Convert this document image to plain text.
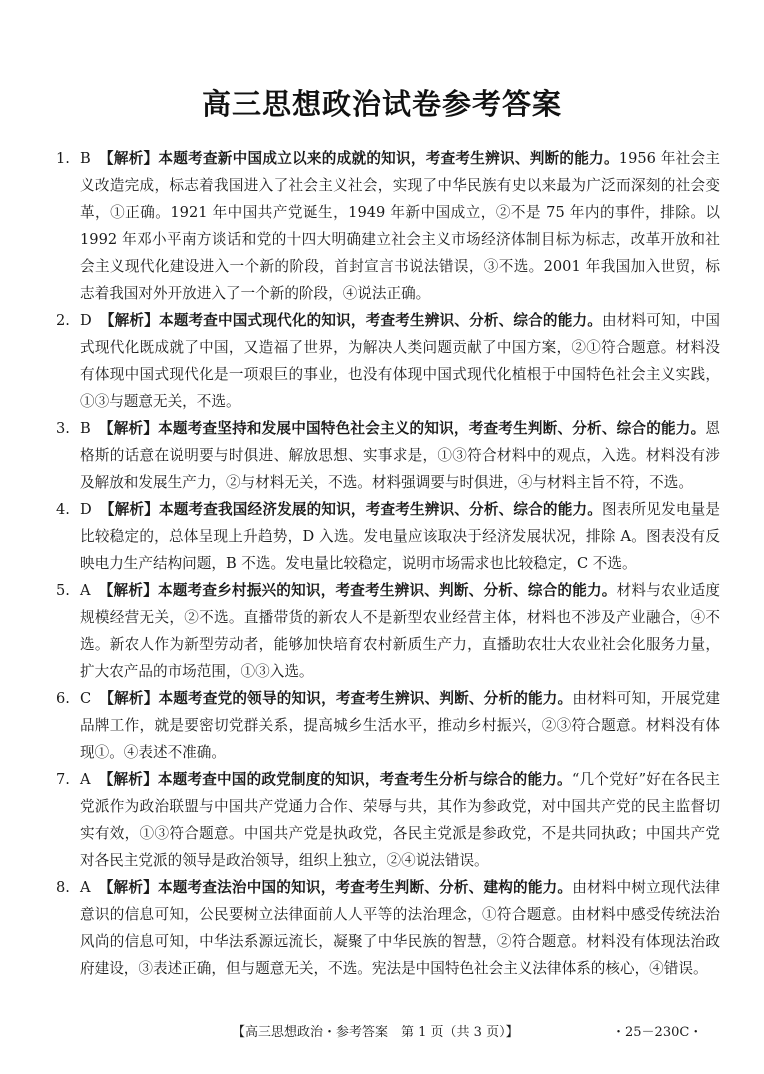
高三思想政治试卷参考答案

1. B 【解析】本题考查新中国成立以来的成就的知识，考查考生辨识、判断的能力。1956 年社会主义改造完成，标志着我国进入了社会主义社会，实现了中华民族有史以来最为广泛而深刻的社会变革，①正确。1921 年中国共产党诞生，1949 年新中国成立，②不是 75 年内的事件，排除。以 1992 年邓小平南方谈话和党的十四大明确建立社会主义市场经济体制目标为标志，改革开放和社会主义现代化建设进入一个新的阶段，首封宣言书说法错误，③不选。2001 年我国加入世贸，标志着我国对外开放进入了一个新的阶段，④说法正确。

2. D 【解析】本题考查中国式现代化的知识，考查考生辨识、分析、综合的能力。由材料可知，中国式现代化既成就了中国，又造福了世界，为解决人类问题贡献了中国方案，②①符合题意。材料没有体现中国式现代化是一项艰巨的事业，也没有体现中国式现代化植根于中国特色社会主义实践，①③与题意无关，不选。

3. B 【解析】本题考查坚持和发展中国特色社会主义的知识，考查考生判断、分析、综合的能力。恩格斯的话意在说明要与时俱进、解放思想、实事求是，①③符合材料中的观点，入选。材料没有涉及解放和发展生产力，②与材料无关，不选。材料强调要与时俱进，④与材料主旨不符，不选。

4. D 【解析】本题考查我国经济发展的知识，考查考生辨识、分析、综合的能力。图表所见发电量是比较稳定的，总体呈现上升趋势，D 入选。发电量应该取决于经济发展状况，排除 A。图表没有反映电力生产结构问题，B 不选。发电量比较稳定，说明市场需求也比较稳定，C 不选。

5. A 【解析】本题考查乡村振兴的知识，考查考生辨识、判断、分析、综合的能力。材料与农业适度规模经营无关，②不选。直播带货的新农人不是新型农业经营主体，材料也不涉及产业融合，④不选。新农人作为新型劳动者，能够加快培育农村新质生产力，直播助农壮大农业社会化服务力量，扩大农产品的市场范围，①③入选。

6. C 【解析】本题考查党的领导的知识，考查考生辨识、判断、分析的能力。由材料可知，开展党建品牌工作，就是要密切党群关系，提高城乡生活水平，推动乡村振兴，②③符合题意。材料没有体现①。④表述不准确。

7. A 【解析】本题考查中国的政党制度的知识，考查考生分析与综合的能力。“几个党好”好在各民主党派作为政治联盟与中国共产党通力合作、荣辱与共，其作为参政党，对中国共产党的民主监督切实有效，①③符合题意。中国共产党是执政党，各民主党派是参政党，不是共同执政；中国共产党对各民主党派的领导是政治领导，组织上独立，②④说法错误。

8. A 【解析】本题考查法治中国的知识，考查考生判断、分析、建构的能力。由材料中树立现代法律意识的信息可知，公民要树立法律面前人人平等的法治理念，①符合题意。由材料中感受传统法治风尚的信息可知，中华法系源远流长，凝聚了中华民族的智慧，②符合题意。材料没有体现法治政府建设，③表述正确，但与题意无关，不选。宪法是中国特色社会主义法律体系的核心，④错误。

【高三思想政治・参考答案　第 1 页（共 3 页）】	・25－230C・
